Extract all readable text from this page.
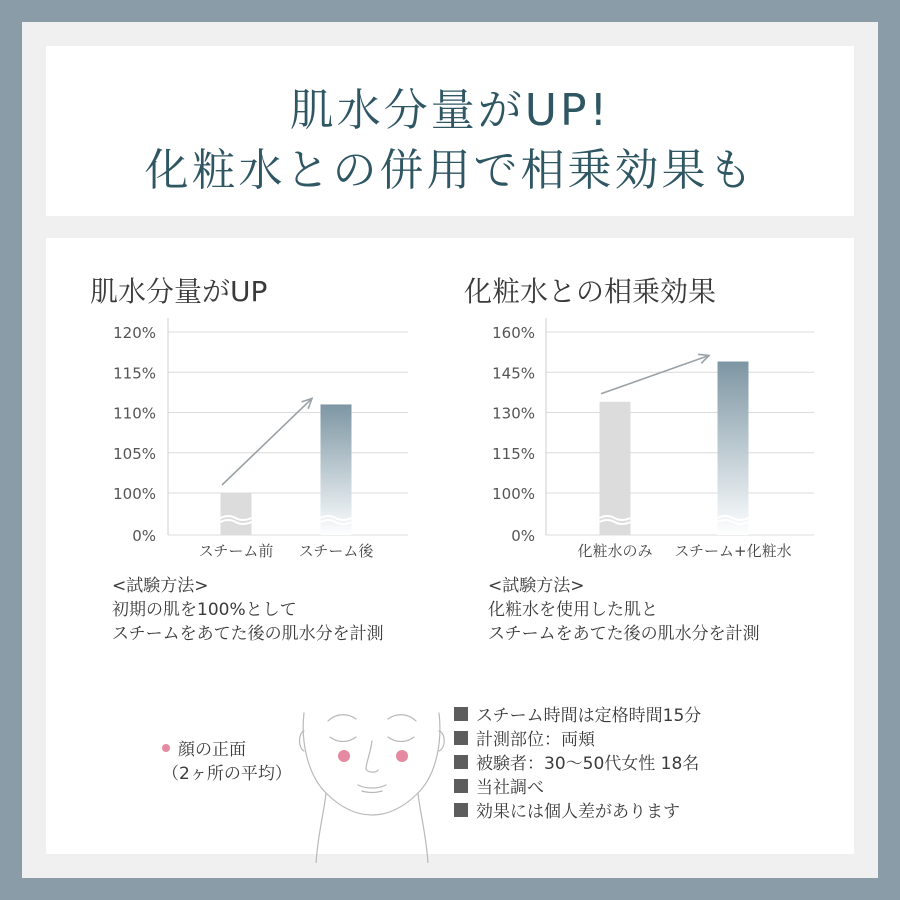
肌水分量がUP!
化粧水との併用で相乗効果も
肌水分量がUP	化粧水との相乗効果
0%
100%
105%
110%
115%
120%
スチーム前 スチーム後
0%
100%
115%
130%
145%
160%
化粧水のみ スチーム+化粧水
<試験方法>
初期の肌を100%として
スチームをあてた後の肌水分を計測
<試験方法>
化粧水を使用した肌と
スチームをあてた後の肌水分を計測
顔の正面
（2ヶ所の平均）
スチーム時間は定格時間15分
計測部位：両頬
被験者：30～50代女性 18名
当社調べ
効果には個人差があります
